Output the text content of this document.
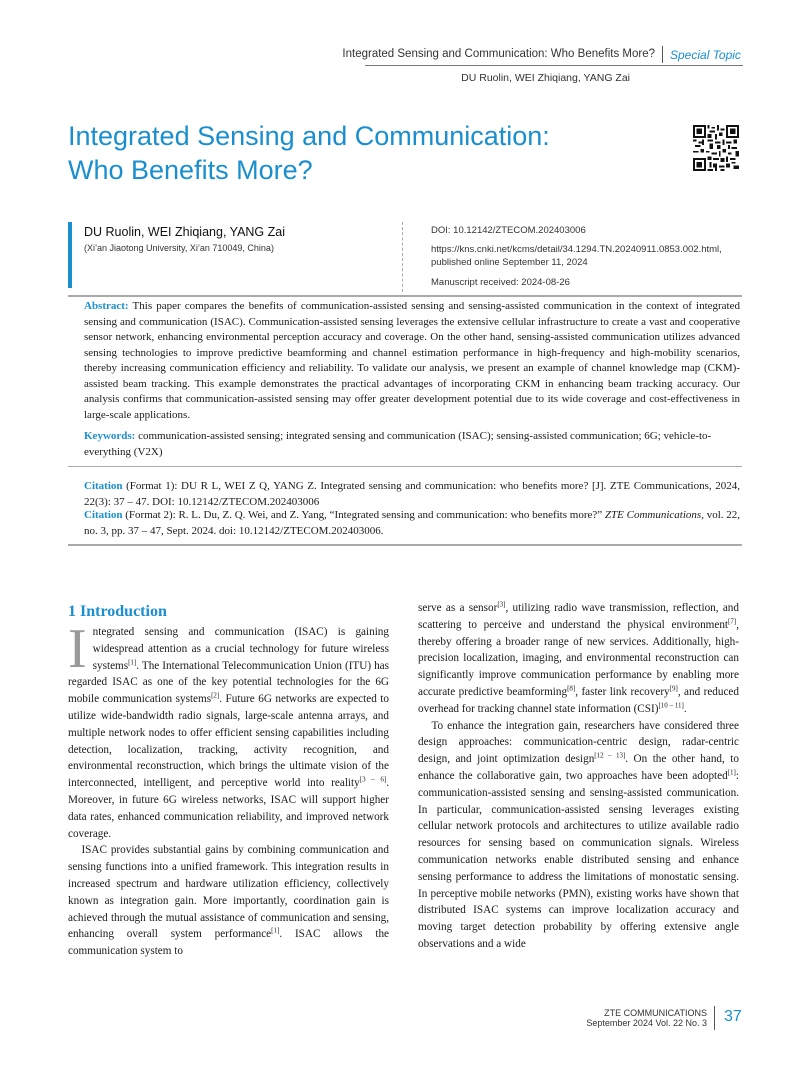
Integrated Sensing and Communication: Who Benefits More? Special Topic
DU Ruolin, WEI Zhiqiang, YANG Zai
Integrated Sensing and Communication:
Who Benefits More?
DU Ruolin, WEI Zhiqiang, YANG Zai
(Xi’an Jiaotong University, Xi’an 710049, China)
DOI: 10.12142/ZTECOM.202403006
https://kns.cnki.net/kcms/detail/34.1294.TN.20240911.0853.002.html,
published online September 11, 2024
Manuscript received: 2024-08-26

Abstract: This paper compares the benefits of communication-assisted sensing and sensing-assisted communication in the context of integrated sensing and communication (ISAC). Communication-assisted sensing leverages the extensive cellular infrastructure to create a vast and cooperative sensor network, enhancing environmental perception accuracy and coverage. On the other hand, sensing-assisted communication utilizes advanced sensing technologies to improve predictive beamforming and channel estimation performance in high-frequency and high-mobility scenarios, thereby increasing communication efficiency and reliability. To validate our analysis, we present an example of channel knowledge map (CKM)-assisted beam tracking. This example demonstrates the practical advantages of incorporating CKM in enhancing beam tracking accuracy. Our analysis confirms that communication-assisted sensing may offer greater development potential due to its wide coverage and cost-effectiveness in large-scale applications.

Keywords: communication-assisted sensing; integrated sensing and communication (ISAC); sensing-assisted communication; 6G; vehicle-to-everything (V2X)

Citation (Format 1): DU R L, WEI Z Q, YANG Z. Integrated sensing and communication: who benefits more? [J]. ZTE Communications, 2024, 22(3): 37 – 47. DOI: 10.12142/ZTECOM.202403006

Citation (Format 2): R. L. Du, Z. Q. Wei, and Z. Yang, “Integrated sensing and communication: who benefits more?” ZTE Communications, vol. 22, no. 3, pp. 37 – 47, Sept. 2024. doi: 10.12142/ZTECOM.202403006.

1 Introduction

Integrated sensing and communication (ISAC) is gaining widespread attention as a crucial technology for future wireless systems[1]. The International Telecommunication Union (ITU) has regarded ISAC as one of the key potential technologies for the 6G mobile communication systems[2]. Future 6G networks are expected to utilize wide-bandwidth radio signals, large-scale antenna arrays, and multiple network nodes to offer efficient sensing capabilities including detection, localization, tracking, activity recognition, and environmental reconstruction, which brings the ultimate vision of the interconnected, intelligent, and perceptive world into reality[3 – 6]. Moreover, in future 6G wireless networks, ISAC will support higher data rates, enhanced communication reliability, and improved network coverage.

ISAC provides substantial gains by combining communication and sensing functions into a unified framework. This integration results in increased spectrum and hardware utilization efficiency, collectively known as integration gain. More importantly, coordination gain is achieved through the mutual assistance of communication and sensing, enhancing overall system performance[1]. ISAC allows the communication system to

serve as a sensor[3], utilizing radio wave transmission, reflection, and scattering to perceive and understand the physical environment[7], thereby offering a broader range of new services. Additionally, high-precision localization, imaging, and environmental reconstruction can significantly improve communication performance by enabling more accurate predictive beamforming[8], faster link recovery[9], and reduced overhead for tracking channel state information (CSI)[10 – 11].

To enhance the integration gain, researchers have considered three design approaches: communication-centric design, radar-centric design, and joint optimization design[12 – 13]. On the other hand, to enhance the collaborative gain, two approaches have been adopted[1]: communication-assisted sensing and sensing-assisted communication. In particular, communication-assisted sensing leverages existing cellular network protocols and architectures to utilize available radio resources for sensing based on communication signals. Wireless communication networks enable distributed sensing and enhance sensing performance to address the limitations of monostatic sensing. In perceptive mobile networks (PMN), existing works have shown that distributed ISAC systems can improve localization accuracy and moving target detection probability by offering extensive angle observations and a wide

ZTE COMMUNICATIONS
September 2024 Vol. 22 No. 3 37
